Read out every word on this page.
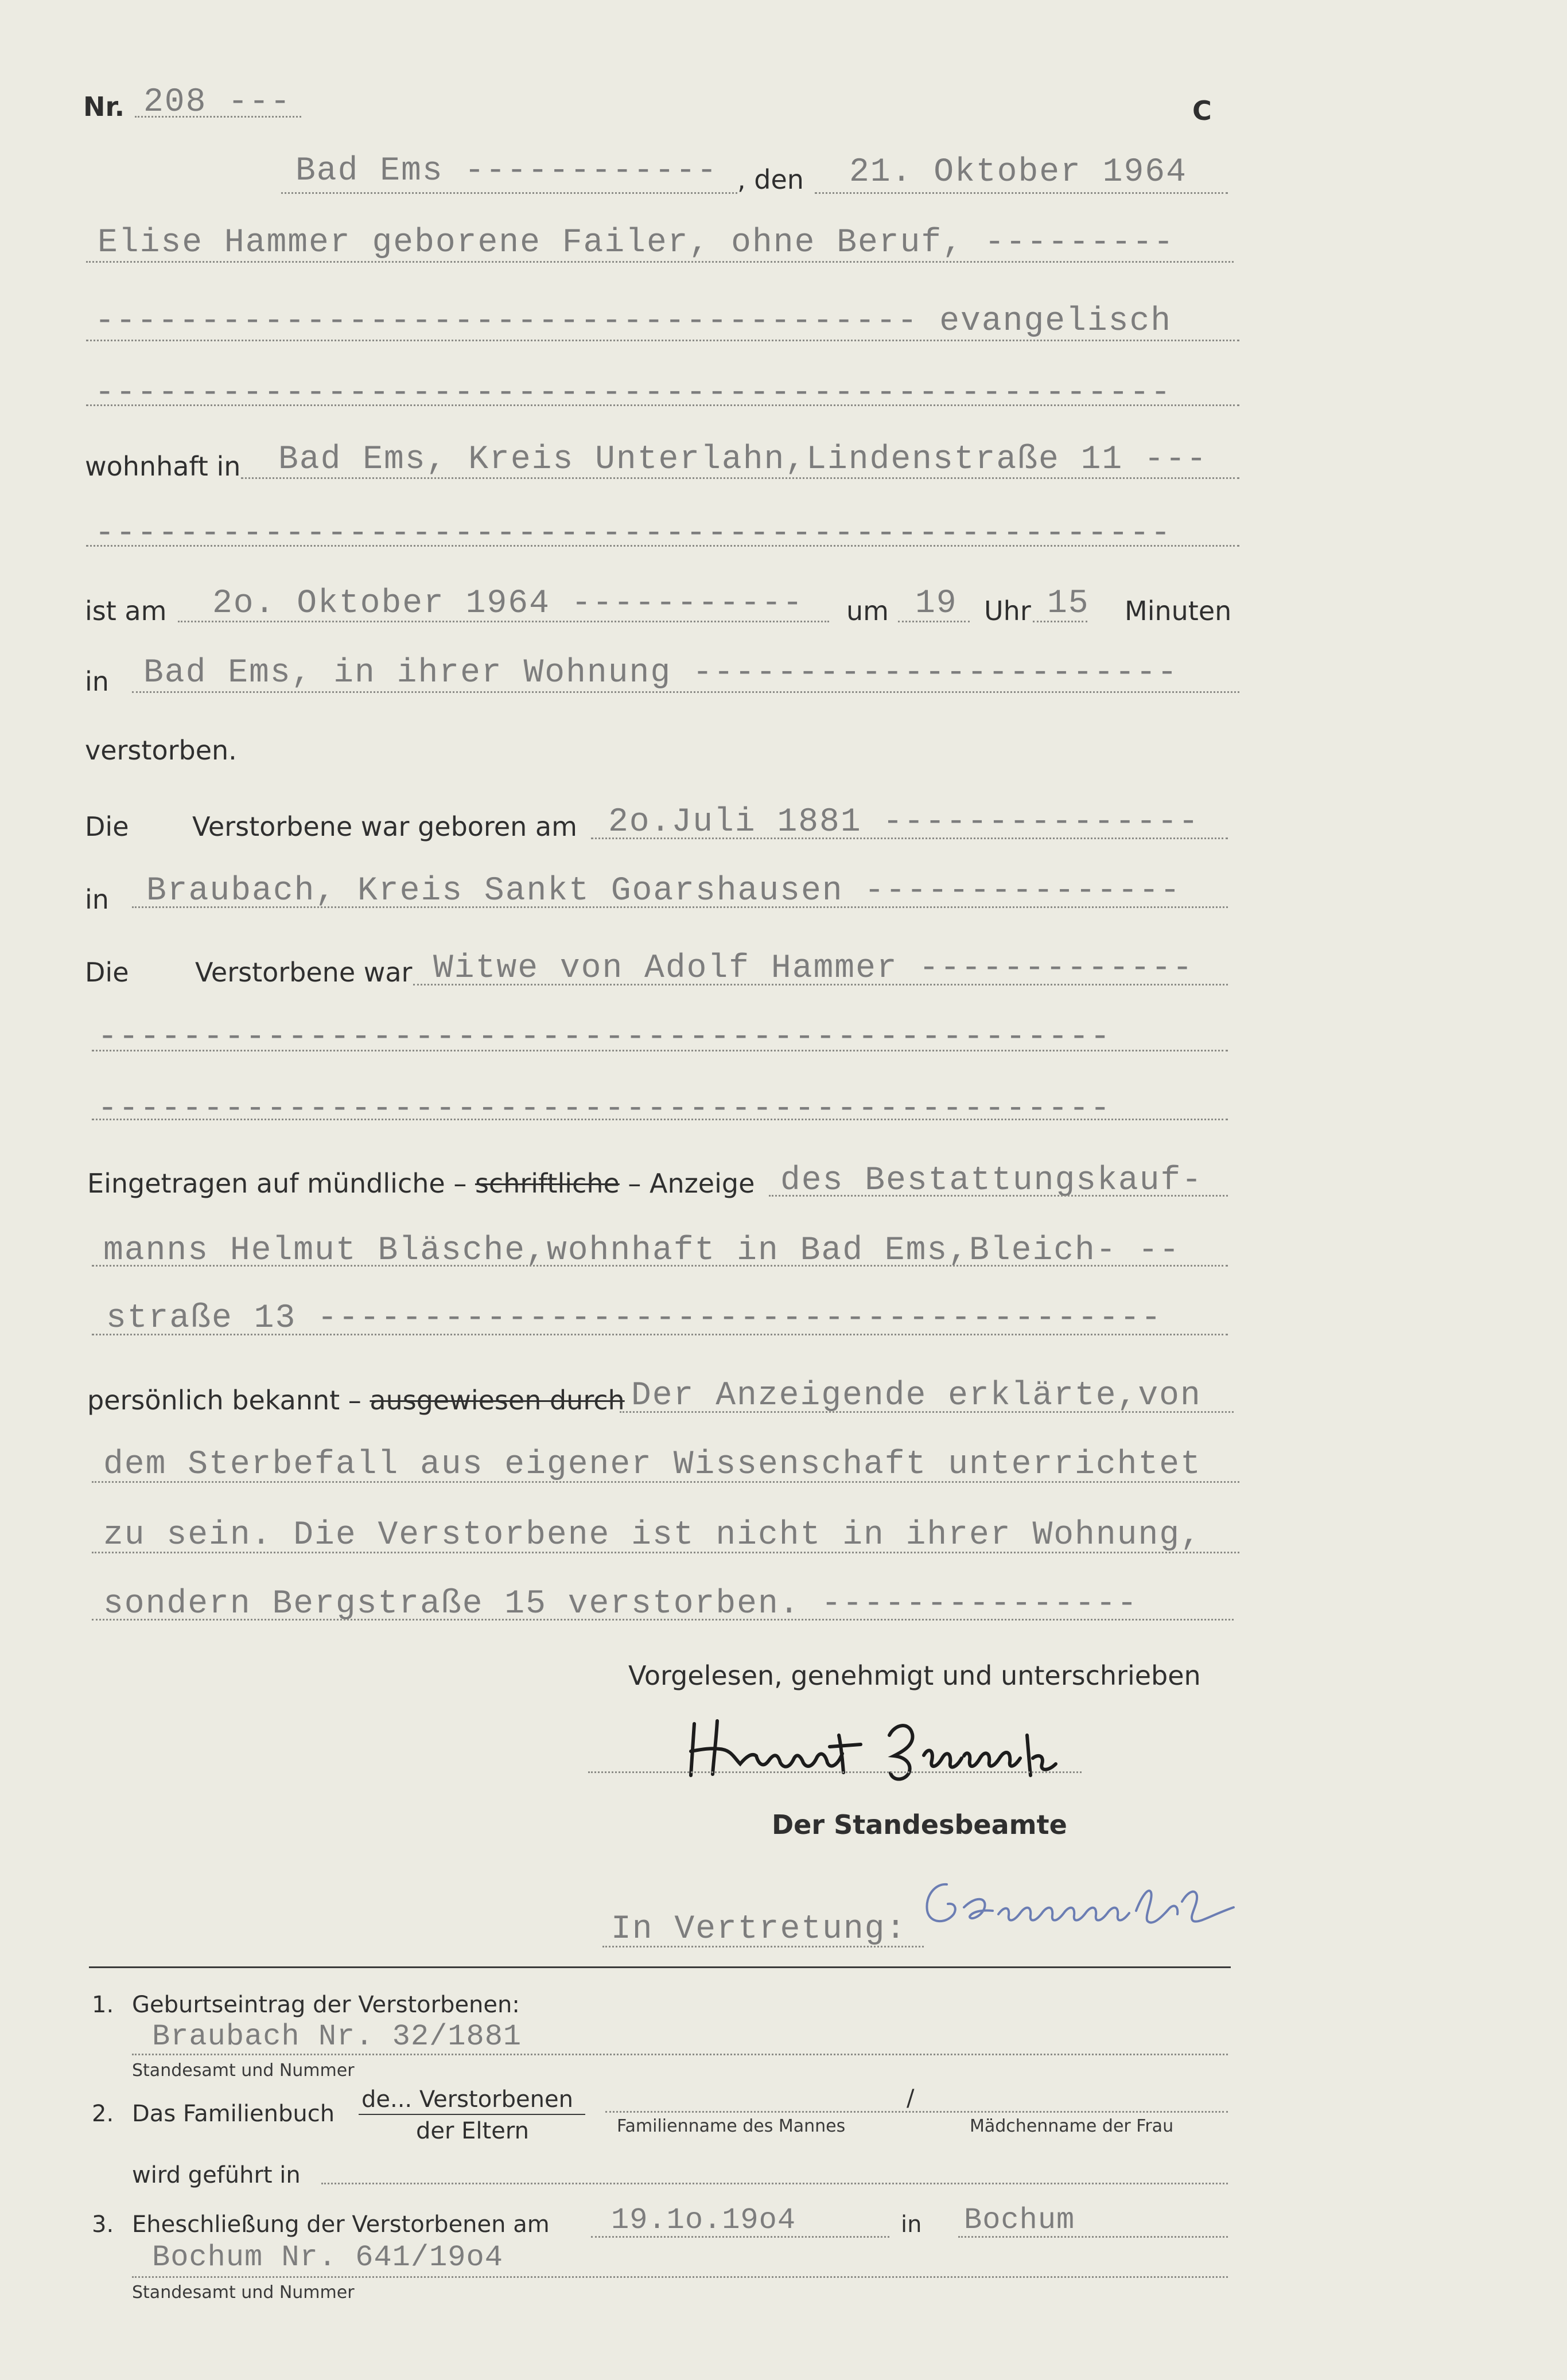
Nr. 208 ---	C
Bad Ems ------------ , den 21. Oktober 1964
Elise Hammer geborene Failer, ohne Beruf, ---------
--------------------------------------- evangelisch
---------------------------------------------------
wohnhaft in Bad Ems, Kreis Unterlahn,Lindenstraße 11 ---
---------------------------------------------------
ist am 2o. Oktober 1964 ----------- um 19 Uhr 15 Minuten
in Bad Ems, in ihrer Wohnung -----------------------
verstorben.
Die Verstorbene war geboren am 2o.Juli 1881 ---------------
in Braubach, Kreis Sankt Goarshausen ---------------
Die	Verstorbene war Witwe von Adolf Hammer -------------
------------------------------------------------
------------------------------------------------
Eingetragen auf mündliche – schriftliche – Anzeige des Bestattungskauf-
manns Helmut Bläsche,wohnhaft in Bad Ems,Bleich- --
straße 13 ----------------------------------------
persönlich bekannt – ausgewiesen durch Der Anzeigende erklärte,von
dem Sterbefall aus eigener Wissenschaft unterrichtet
zu sein. Die Verstorbene ist nicht in ihrer Wohnung,
sondern Bergstraße 15 verstorben. ---------------
Vorgelesen, genehmigt und unterschrieben
Helmut Bläsche
Der Standesbeamte
In Vertretung:
Hammer
1. Geburtseintrag der Verstorbenen:
Braubach Nr. 32/1881
Standesamt und Nummer
2. Das Familienbuch
de... Verstorbenen
der Eltern
/
Familienname des Mannes	Mädchenname der Frau
wird geführt in
3. Eheschließung der Verstorbenen am 19.1o.19o4	in Bochum
Bochum Nr. 641/19o4
Standesamt und Nummer
